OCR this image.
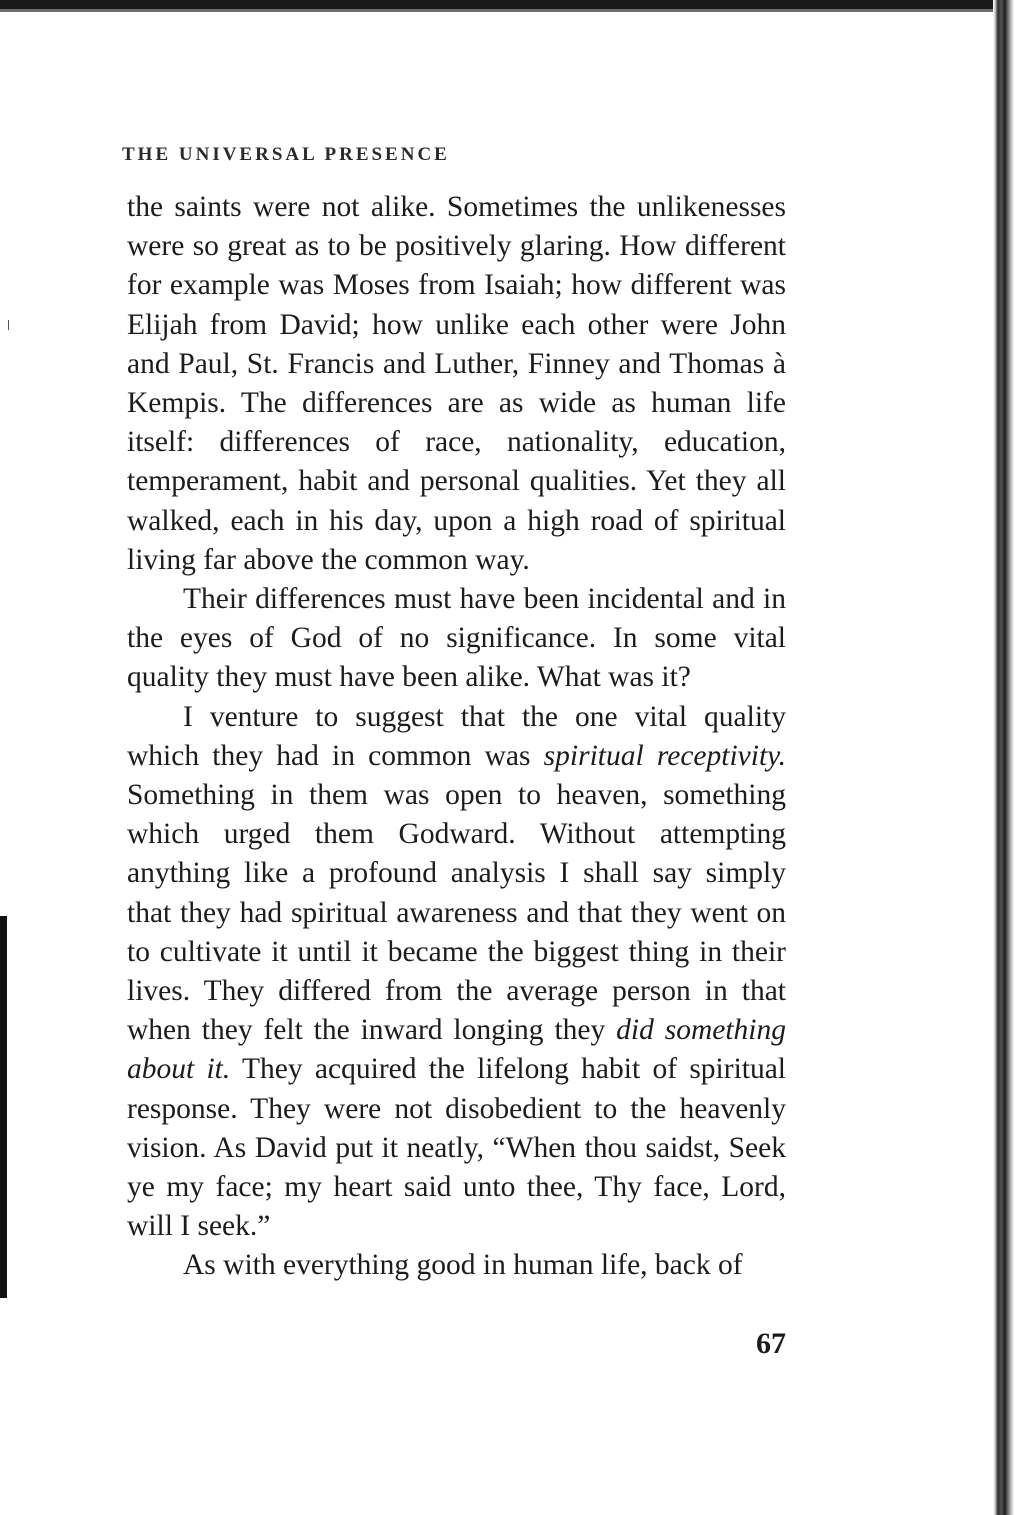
THE UNIVERSAL PRESENCE

the saints were not alike. Sometimes the unlikenesses were so great as to be positively glaring. How different for example was Moses from Isaiah; how different was Elijah from David; how unlike each other were John and Paul, St. Francis and Luther, Finney and Thomas à Kempis. The differences are as wide as human life itself: differences of race, nationality, education, temperament, habit and personal qualities. Yet they all walked, each in his day, upon a high road of spiritual living far above the common way.

Their differences must have been incidental and in the eyes of God of no significance. In some vital quality they must have been alike. What was it?

I venture to suggest that the one vital quality which they had in common was spiritual receptivity. Something in them was open to heaven, something which urged them Godward. Without attempting anything like a profound analysis I shall say simply that they had spiritual awareness and that they went on to cultivate it until it became the biggest thing in their lives. They differed from the average person in that when they felt the inward longing they did something about it. They acquired the lifelong habit of spiritual response. They were not disobedient to the heavenly vision. As David put it neatly, “When thou saidst, Seek ye my face; my heart said unto thee, Thy face, Lord, will I seek.”

As with everything good in human life, back of

67
